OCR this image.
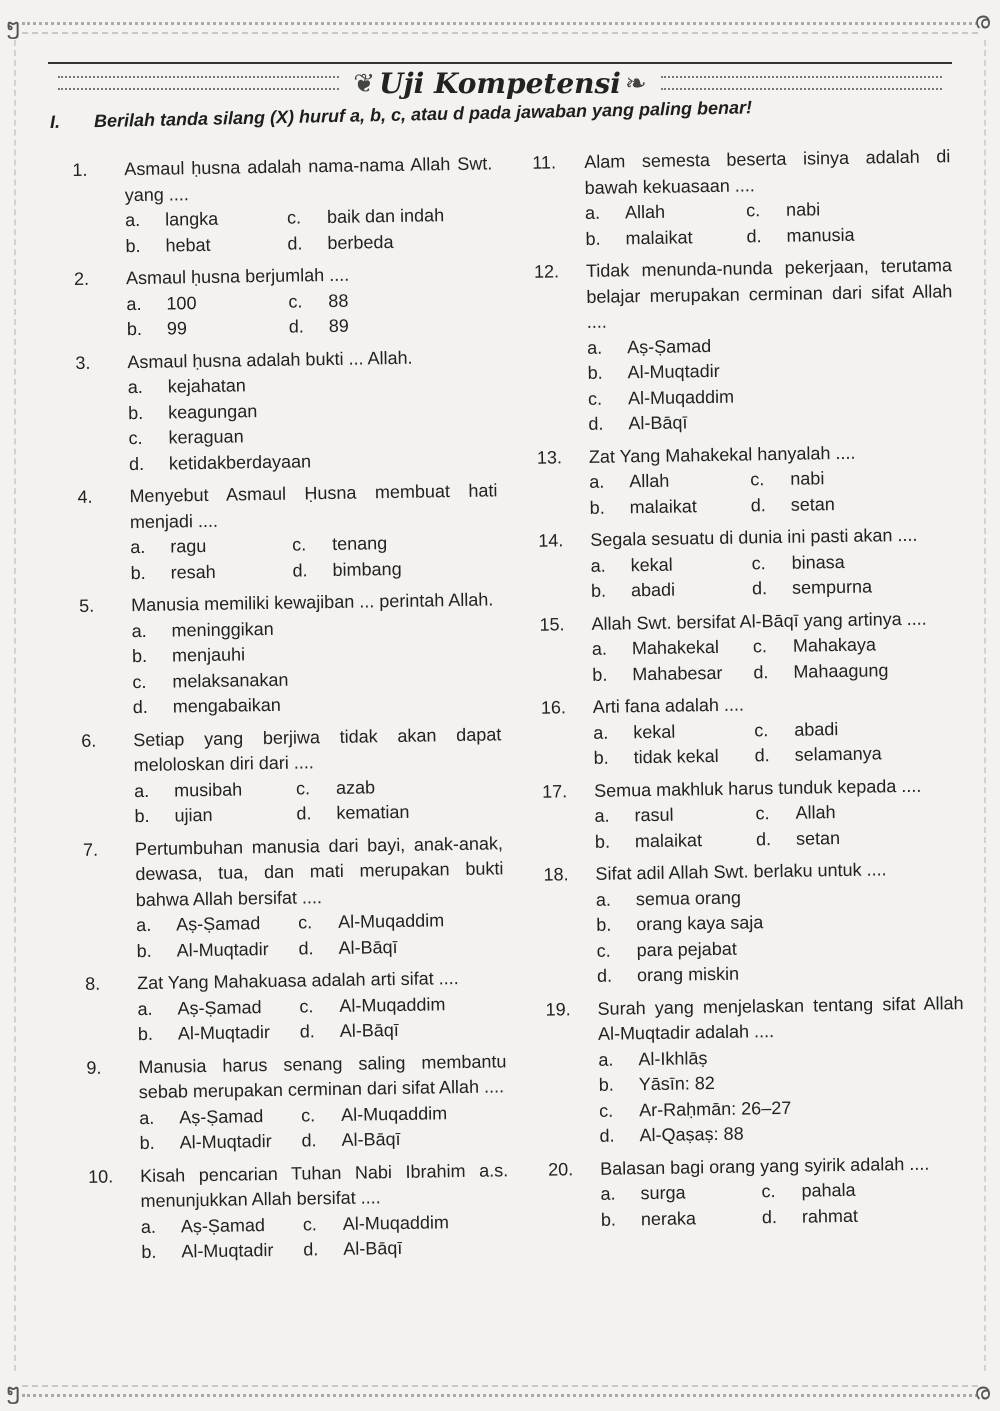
ໆ	ര
ໆ	ര
❦ Uji Kompetensi ❧
I. Berilah tanda silang (X) huruf a, b, c, atau d pada jawaban yang paling benar!
1.	Asmaul ḥusna adalah nama-nama Allah Swt. yang ....
a.	langka	c.	baik dan indah
b.	hebat	d.	berbeda
2.	Asmaul ḥusna berjumlah ....
a.	100	c.	88
b.	99	d.	89
3.	Asmaul ḥusna adalah bukti ... Allah.
a.	kejahatan
b.	keagungan
c.	keraguan
d.	ketidakberdayaan
4.	Menyebut Asmaul Ḥusna membuat hati menjadi ....
a.	ragu	c.	tenang
b.	resah	d.	bimbang
5.	Manusia memiliki kewajiban ... perintah Allah.
a.	meninggikan
b.	menjauhi
c.	melaksanakan
d.	mengabaikan
6.	Setiap yang berjiwa tidak akan dapat meloloskan diri dari ....
a.	musibah	c.	azab
b.	ujian	d.	kematian
7.	Pertumbuhan manusia dari bayi, anak-anak, dewasa, tua, dan mati merupakan bukti bahwa Allah bersifat ....
a.	Aṣ-Ṣamad c.	Al-Muqaddim
b.	Al-Muqtadir d.	Al-Bāqī
8.	Zat Yang Mahakuasa adalah arti sifat ....
a.	Aṣ-Ṣamad c.	Al-Muqaddim
b.	Al-Muqtadir d.	Al-Bāqī
9.	Manusia harus senang saling membantu sebab merupakan cerminan dari sifat Allah ....
a.	Aṣ-Ṣamad c.	Al-Muqaddim
b.	Al-Muqtadir d.	Al-Bāqī
10.	Kisah pencarian Tuhan Nabi Ibrahim a.s. menunjukkan Allah bersifat ....
a.	Aṣ-Ṣamad c.	Al-Muqaddim
b.	Al-Muqtadir d.	Al-Bāqī
11.	Alam semesta beserta isinya adalah di bawah kekuasaan ....
a.	Allah	c.	nabi
b.	malaikat	d.	manusia
12.	Tidak menunda-nunda pekerjaan, terutama belajar merupakan cerminan dari sifat Allah ....
a.	Aṣ-Ṣamad
b.	Al-Muqtadir
c.	Al-Muqaddim
d.	Al-Bāqī
13.	Zat Yang Mahakekal hanyalah ....
a.	Allah	c.	nabi
b.	malaikat	d.	setan
14.	Segala sesuatu di dunia ini pasti akan ....
a.	kekal	c.	binasa
b.	abadi	d.	sempurna
15.	Allah Swt. bersifat Al-Bāqī yang artinya ....
a.	Mahakekal c.	Mahakaya
b.	Mahabesar d.	Mahaagung
16.	Arti fana adalah ....
a.	kekal	c.	abadi
b.	tidak kekal d.	selamanya
17.	Semua makhluk harus tunduk kepada ....
a.	rasul	c.	Allah
b.	malaikat	d.	setan
18.	Sifat adil Allah Swt. berlaku untuk ....
a.	semua orang
b.	orang kaya saja
c.	para pejabat
d.	orang miskin
19.	Surah yang menjelaskan tentang sifat Allah Al-Muqtadir adalah ....
a.	Al-Ikhlāṣ
b.	Yāsīn: 82
c.	Ar-Raḥmān: 26–27
d.	Al-Qaṣaṣ: 88
20.	Balasan bagi orang yang syirik adalah ....
a.	surga	c.	pahala
b.	neraka	d.	rahmat
